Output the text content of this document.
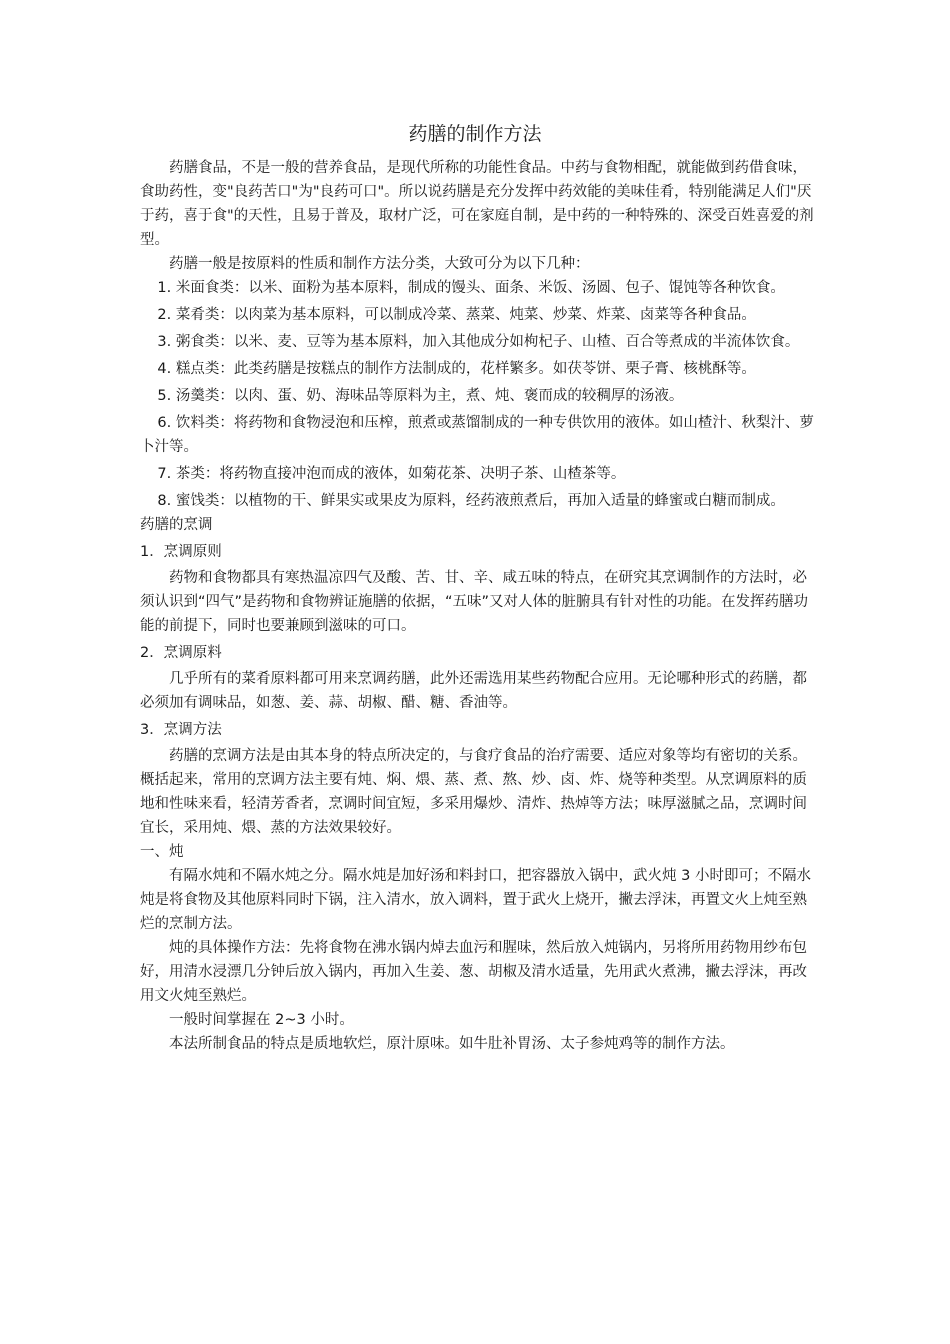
药膳的制作方法

药膳食品，不是一般的营养食品，是现代所称的功能性食品。中药与食物相配，就能做到药借食味，食助药性，变"良药苦口"为"良药可口"。所以说药膳是充分发挥中药效能的美味佳肴，特别能满足人们"厌于药，喜于食"的天性，且易于普及，取材广泛，可在家庭自制，是中药的一种特殊的、深受百姓喜爱的剂型。

药膳一般是按原料的性质和制作方法分类，大致可分为以下几种：

1. 米面食类：以米、面粉为基本原料，制成的馒头、面条、米饭、汤圆、包子、馄饨等各种饮食。

2. 菜肴类：以肉菜为基本原料，可以制成冷菜、蒸菜、炖菜、炒菜、炸菜、卤菜等各种食品。

3. 粥食类：以米、麦、豆等为基本原料，加入其他成分如枸杞子、山楂、百合等煮成的半流体饮食。

4. 糕点类：此类药膳是按糕点的制作方法制成的，花样繁多。如茯苓饼、栗子膏、核桃酥等。

5. 汤羹类：以肉、蛋、奶、海味品等原料为主，煮、炖、褒而成的较稠厚的汤液。

6. 饮料类：将药物和食物浸泡和压榨，煎煮或蒸馏制成的一种专供饮用的液体。如山楂汁、秋梨汁、萝卜汁等。

7. 茶类：将药物直接冲泡而成的液体，如菊花茶、决明子茶、山楂茶等。

8. 蜜饯类：以植物的干、鲜果实或果皮为原料，经药液煎煮后，再加入适量的蜂蜜或白糖而制成。

药膳的烹调

1．烹调原则

药物和食物都具有寒热温凉四气及酸、苦、甘、辛、咸五味的特点，在研究其烹调制作的方法时，必须认识到“四气”是药物和食物辨证施膳的依据，“五味”又对人体的脏腑具有针对性的功能。在发挥药膳功能的前提下，同时也要兼顾到滋味的可口。

2．烹调原料

几乎所有的菜肴原料都可用来烹调药膳，此外还需选用某些药物配合应用。无论哪种形式的药膳，都必须加有调味品，如葱、姜、蒜、胡椒、醋、糖、香油等。

3．烹调方法

药膳的烹调方法是由其本身的特点所决定的，与食疗食品的治疗需要、适应对象等均有密切的关系。概括起来，常用的烹调方法主要有炖、焖、煨、蒸、煮、熬、炒、卤、炸、烧等种类型。从烹调原料的质地和性味来看，轻清芳香者，烹调时间宜短，多采用爆炒、清炸、热焯等方法；味厚滋腻之品，烹调时间宜长，采用炖、煨、蒸的方法效果较好。

一、炖

有隔水炖和不隔水炖之分。隔水炖是加好汤和料封口，把容器放入锅中，武火炖 3 小时即可；不隔水炖是将食物及其他原料同时下锅，注入清水，放入调料，置于武火上烧开，撇去浮沫，再置文火上炖至熟烂的烹制方法。

炖的具体操作方法：先将食物在沸水锅内焯去血污和腥味，然后放入炖锅内，另将所用药物用纱布包好，用清水浸漂几分钟后放入锅内，再加入生姜、葱、胡椒及清水适量，先用武火煮沸，撇去浮沫，再改用文火炖至熟烂。

一般时间掌握在 2~3 小时。

本法所制食品的特点是质地软烂，原汁原味。如牛肚补胃汤、太子参炖鸡等的制作方法。
